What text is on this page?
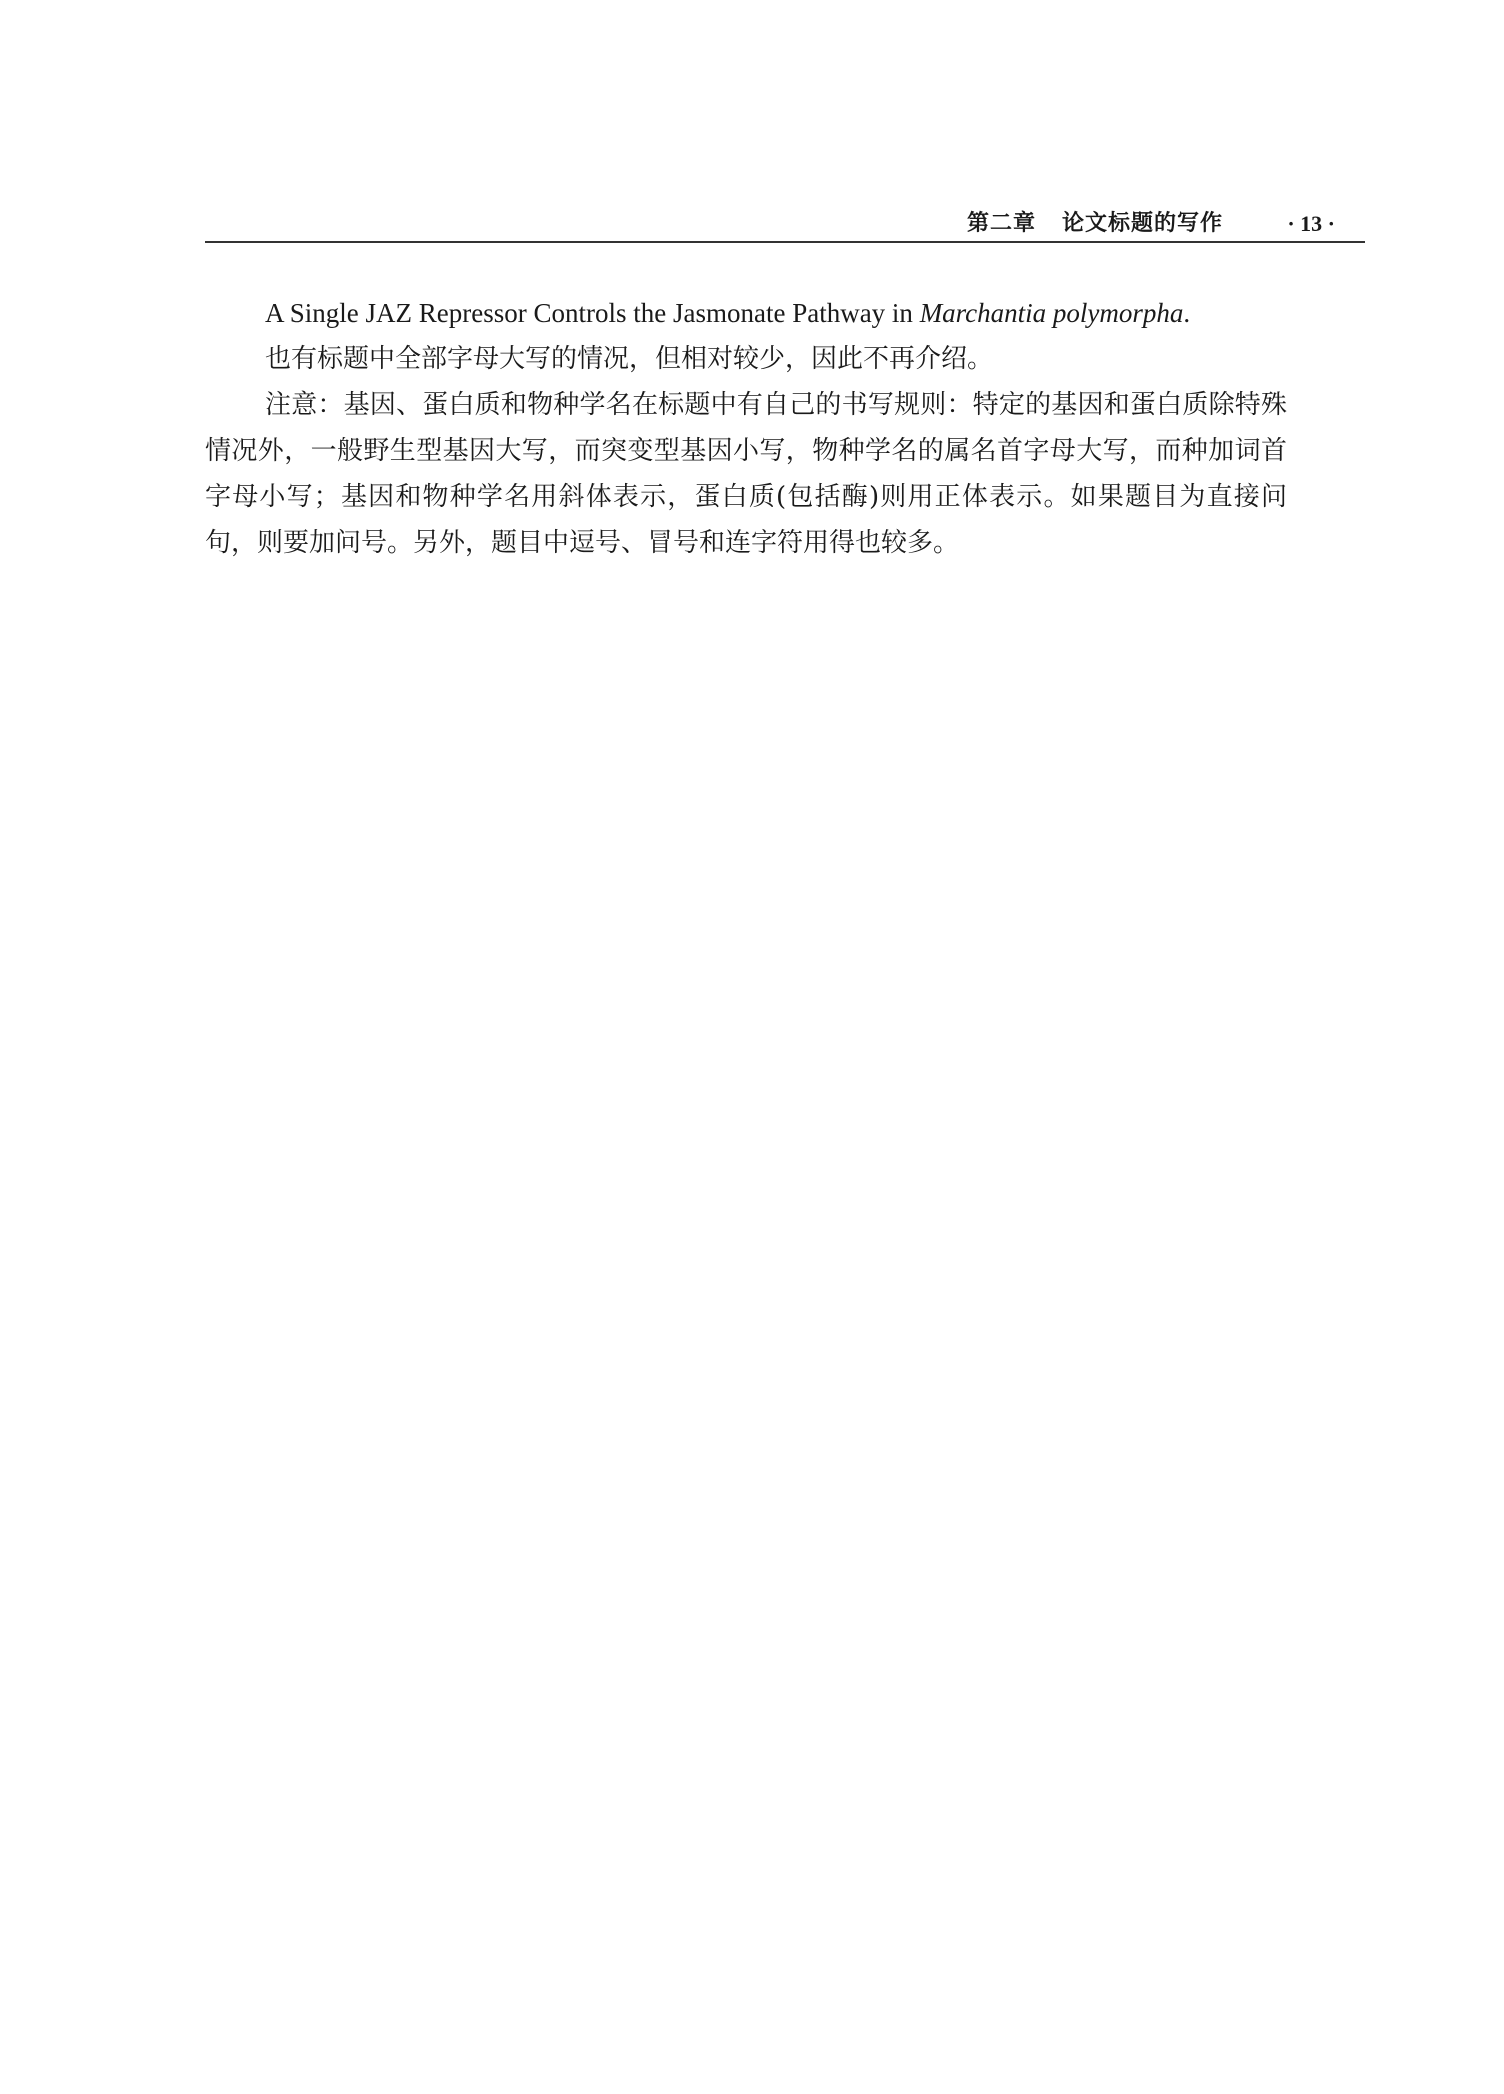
第二章   论文标题的写作	· 13 ·

A Single JAZ Repressor Controls the Jasmonate Pathway in Marchantia polymorpha.

也有标题中全部字母大写的情况，但相对较少，因此不再介绍。

注意：基因、蛋白质和物种学名在标题中有自己的书写规则：特定的基因和蛋白质除特殊情况外，一般野生型基因大写，而突变型基因小写，物种学名的属名首字母大写，而种加词首字母小写；基因和物种学名用斜体表示，蛋白质(包括酶)则用正体表示。如果题目为直接问句，则要加问号。另外，题目中逗号、冒号和连字符用得也较多。
